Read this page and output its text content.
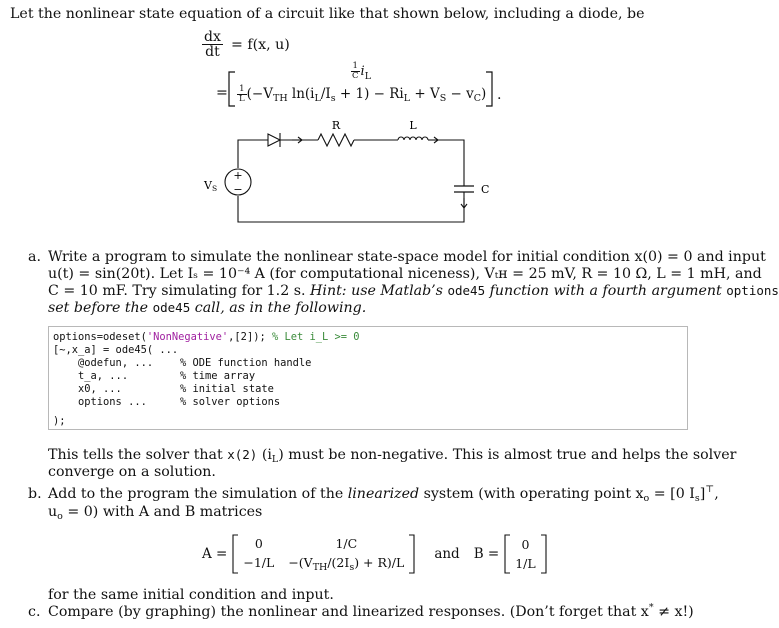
Let the nonlinear state equation of a circuit like that shown below, including a diode, be
$\frac{dx}{dt} = f(x$, u)
=
$\frac{1}{C} i_L$
$\frac{1}{L} (-V_{TH}$ $\ln(i_L/I_s + 1) - Ri_L + V_S - v_C$) .
+
−
R	L
C
V S
a. Write a program to simulate the nonlinear state-space model for initial condition x(0) = 0 and input
u(t) = sin(20t). Let Iₛ = 10⁻⁴ A (for computational niceness), Vₜʜ = 25 mV, R = 10 Ω, L = 1 mH, and
C = 10 mF. Try simulating for 1.2 s. Hint: use Matlab’s ode45 function with a fourth argument options
set before the ode45 call, as in the following.
options=odeset('NonNegative',[2]); % Let i_L >= 0
[~,x_a] = ode45( ...
@odefun, ...	% ODE function handle
t_a, ...	% time array
x0, ...	% initial state
options ...	% solver options
);
This tells the solver that x(2) $(i_L)$ must be non-negative. This is almost true and helps the solver
converge on a solution.
b. Add to the program the simulation of the linearized system (with operating point $x_o = [0$ $I_s]^⊤$,
$u_o = 0$) with A and B matrices
A =
0	1/C
$-1/L -(V_{TH}/(2I_s) + R)/L$
and B =
0
1/L
for the same initial condition and input.
c. Compare (by graphing) the nonlinear and linearized responses. (Don’t forget that x* ≠ x!)
